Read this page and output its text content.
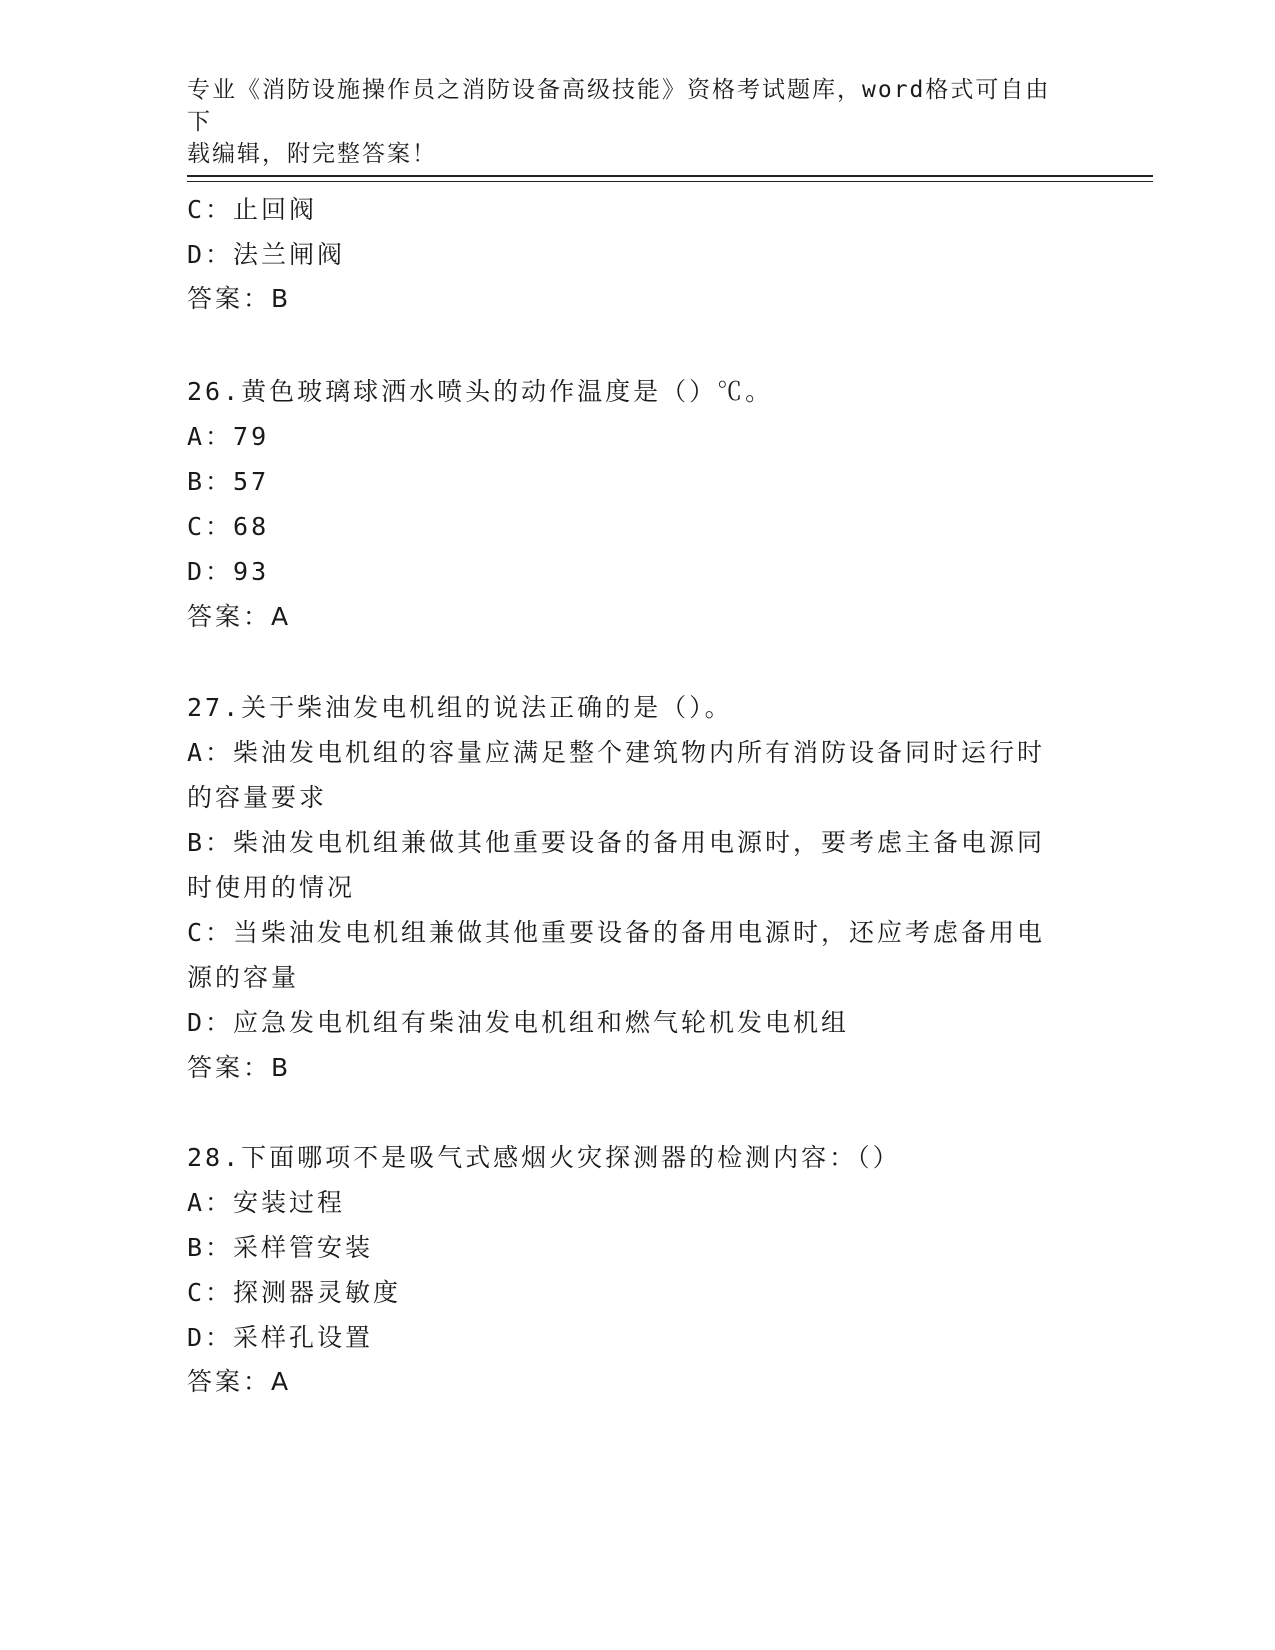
专业《消防设施操作员之消防设备高级技能》资格考试题库，word格式可自由下
载编辑，附完整答案！
C：止回阀
D：法兰闸阀
答案：B
26.黄色玻璃球洒水喷头的动作温度是（）℃。
A：79
B：57
C：68
D：93
答案：A
27.关于柴油发电机组的说法正确的是（）。
A：柴油发电机组的容量应满足整个建筑物内所有消防设备同时运行时
的容量要求
B：柴油发电机组兼做其他重要设备的备用电源时，要考虑主备电源同
时使用的情况
C：当柴油发电机组兼做其他重要设备的备用电源时，还应考虑备用电
源的容量
D：应急发电机组有柴油发电机组和燃气轮机发电机组
答案：B
28.下面哪项不是吸气式感烟火灾探测器的检测内容：（）
A：安装过程
B：采样管安装
C：探测器灵敏度
D：采样孔设置
答案：A
